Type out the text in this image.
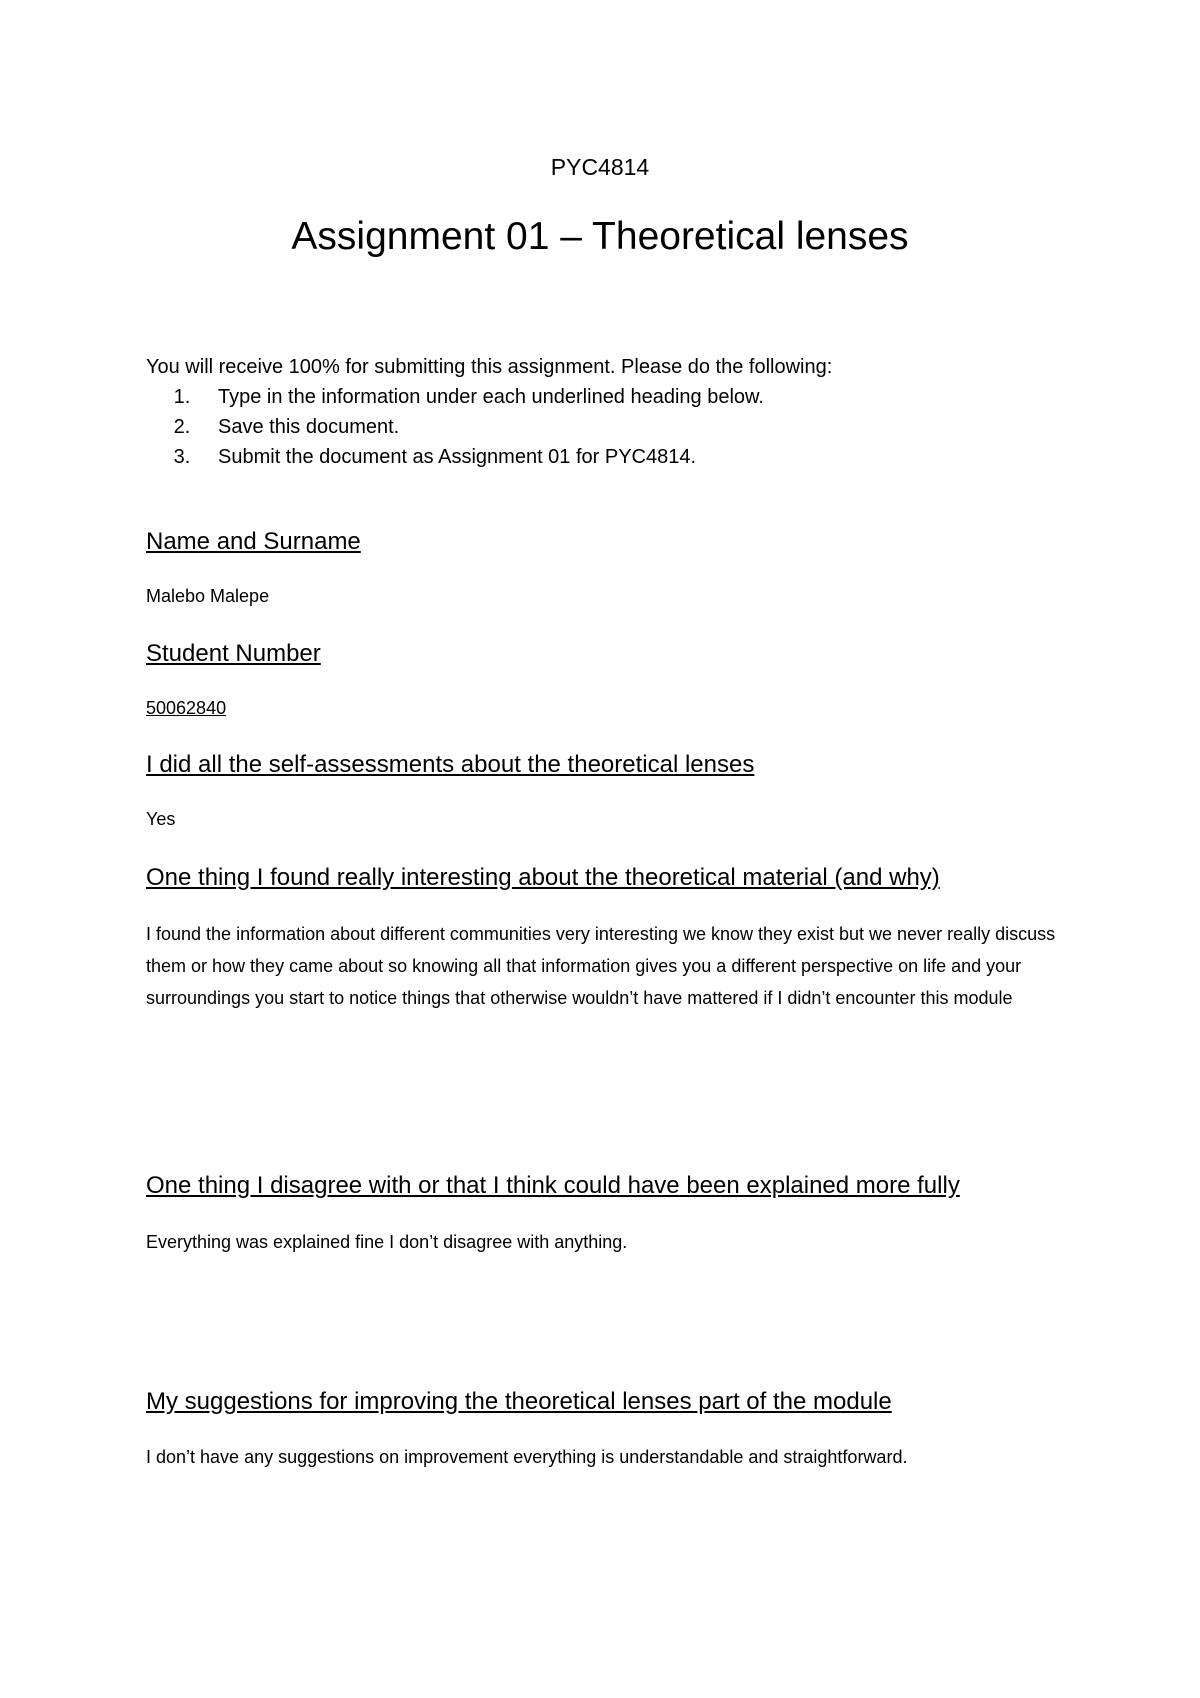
PYC4814
Assignment 01 – Theoretical lenses
You will receive 100% for submitting this assignment. Please do the following:
1.	Type in the information under each underlined heading below.
2.	Save this document.
3.	Submit the document as Assignment 01 for PYC4814.
Name and Surname
Malebo Malepe
Student Number
50062840
I did all the self-assessments about the theoretical lenses
Yes
One thing I found really interesting about the theoretical material (and why)
I found the information about different communities very interesting we know they exist but we never really discuss them or how they came about so knowing all that information gives you a different perspective on life and your surroundings you start to notice things that otherwise wouldn’t have mattered if I didn’t encounter this module
One thing I disagree with or that I think could have been explained more fully
Everything was explained fine I don’t disagree with anything.
My suggestions for improving the theoretical lenses part of the module
I don’t have any suggestions on improvement everything is understandable and straightforward.
